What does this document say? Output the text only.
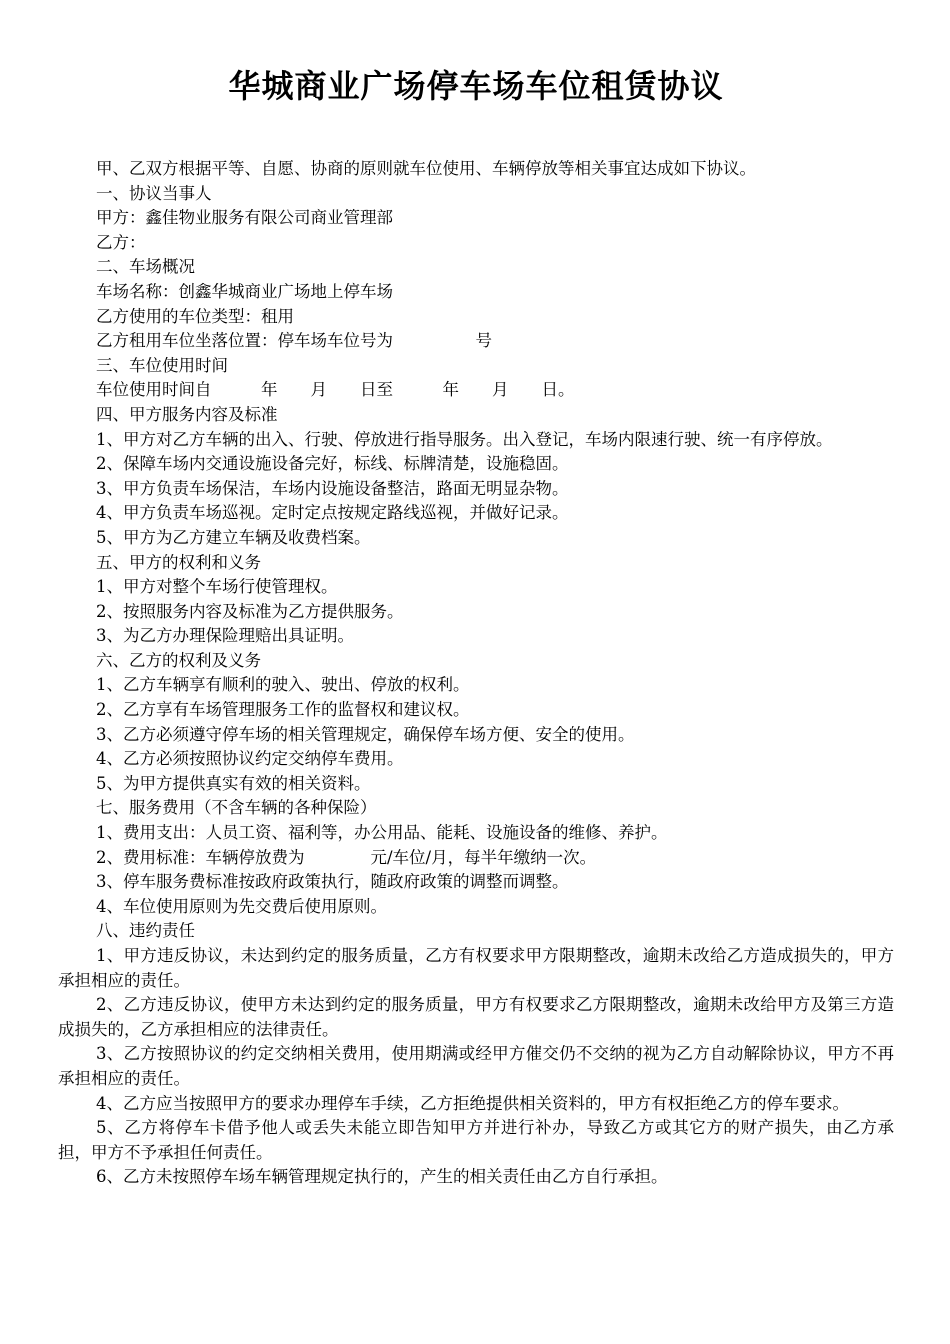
华城商业广场停车场车位租赁协议

甲、乙双方根据平等、自愿、协商的原则就车位使用、车辆停放等相关事宜达成如下协议。

一、协议当事人

甲方：鑫佳物业服务有限公司商业管理部

乙方：

二、车场概况

车场名称：创鑫华城商业广场地上停车场

乙方使用的车位类型：租用

乙方租用车位坐落位置：停车场车位号为　　　　　号

三、车位使用时间

车位使用时间自　　　年　　月　　日至　　　年　　月　　日。

四、甲方服务内容及标准

1、甲方对乙方车辆的出入、行驶、停放进行指导服务。出入登记，车场内限速行驶、统一有序停放。

2、保障车场内交通设施设备完好，标线、标牌清楚，设施稳固。

3、甲方负责车场保洁，车场内设施设备整洁，路面无明显杂物。

4、甲方负责车场巡视。定时定点按规定路线巡视，并做好记录。

5、甲方为乙方建立车辆及收费档案。

五、甲方的权利和义务

1、甲方对整个车场行使管理权。

2、按照服务内容及标准为乙方提供服务。

3、为乙方办理保险理赔出具证明。

六、乙方的权利及义务

1、乙方车辆享有顺利的驶入、驶出、停放的权利。

2、乙方享有车场管理服务工作的监督权和建议权。

3、乙方必须遵守停车场的相关管理规定，确保停车场方便、安全的使用。

4、乙方必须按照协议约定交纳停车费用。

5、为甲方提供真实有效的相关资料。

七、服务费用（不含车辆的各种保险）

1、费用支出：人员工资、福利等，办公用品、能耗、设施设备的维修、养护。

2、费用标准：车辆停放费为　　　　元/车位/月，每半年缴纳一次。

3、停车服务费标准按政府政策执行，随政府政策的调整而调整。

4、车位使用原则为先交费后使用原则。

八、违约责任

1、甲方违反协议，未达到约定的服务质量，乙方有权要求甲方限期整改，逾期未改给乙方造成损失的，甲方承担相应的责任。

2、乙方违反协议，使甲方未达到约定的服务质量，甲方有权要求乙方限期整改，逾期未改给甲方及第三方造成损失的，乙方承担相应的法律责任。

3、乙方按照协议的约定交纳相关费用，使用期满或经甲方催交仍不交纳的视为乙方自动解除协议，甲方不再承担相应的责任。

4、乙方应当按照甲方的要求办理停车手续，乙方拒绝提供相关资料的，甲方有权拒绝乙方的停车要求。

5、乙方将停车卡借予他人或丢失未能立即告知甲方并进行补办，导致乙方或其它方的财产损失，由乙方承担，甲方不予承担任何责任。

6、乙方未按照停车场车辆管理规定执行的，产生的相关责任由乙方自行承担。
